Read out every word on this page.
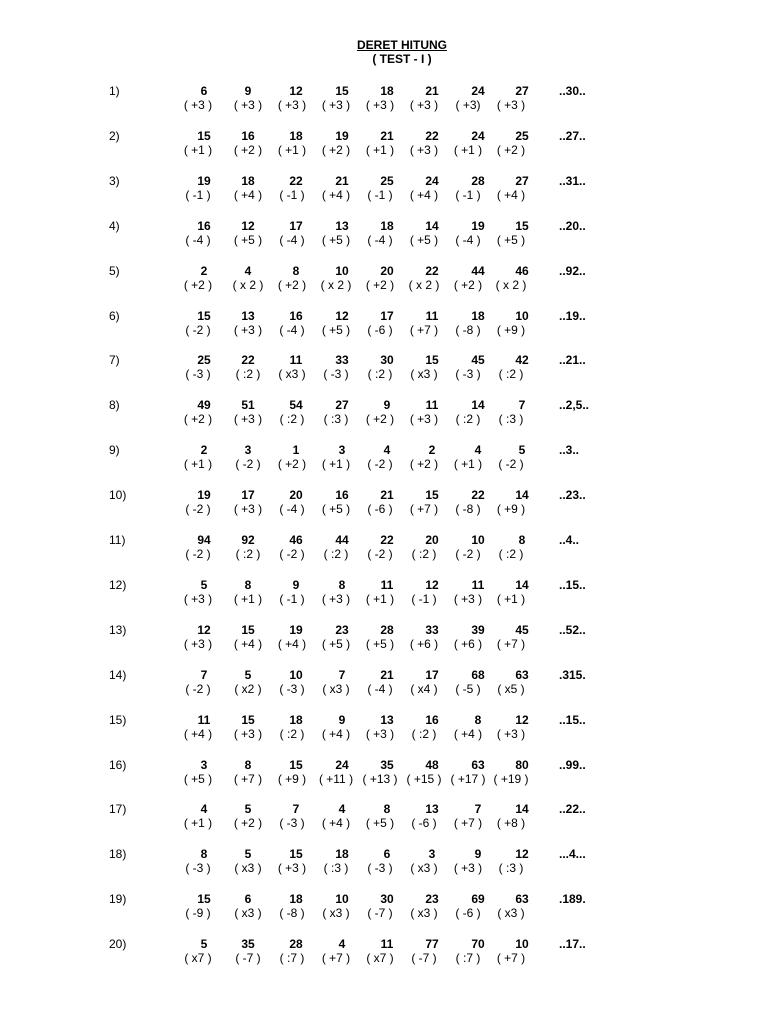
DERET HITUNG
( TEST - I )
1)	6	9	12	15	18	21	24	27
( +3 )	( +3 )	( +3 )	( +3 )	( +3 )	( +3 )	( +3)	( +3 )
..30..
2)	15	16	18	19	21	22	24	25
( +1 )	( +2 )	( +1 )	( +2 )	( +1 )	( +3 )	( +1 )	( +2 )
..27..
3)	19	18	22	21	25	24	28	27
( -1 )	( +4 )	( -1 )	( +4 )	( -1 )	( +4 )	( -1 )	( +4 )
..31..
4)	16	12	17	13	18	14	19	15
( -4 )	( +5 )	( -4 )	( +5 )	( -4 )	( +5 )	( -4 )	( +5 )
..20..
5)	2	4	8	10	20	22	44	46
( +2 )	( x 2 )	( +2 )	( x 2 )	( +2 )	( x 2 )	( +2 )	( x 2 )
..92..
6)	15	13	16	12	17	11	18	10
( -2 )	( +3 )	( -4 )	( +5 )	( -6 )	( +7 )	( -8 )	( +9 )
..19..
7)	25	22	11	33	30	15	45	42
( -3 )	( :2 )	( x3 )	( -3 )	( :2 )	( x3 )	( -3 )	( :2 )
..21..
8)	49	51	54	27	9	11	14	7
( +2 )	( +3 )	( :2 )	( :3 )	( +2 )	( +3 )	( :2 )	( :3 )
..2,5..
9)	2	3	1	3	4	2	4	5
( +1 )	( -2 )	( +2 )	( +1 )	( -2 )	( +2 )	( +1 )	( -2 )
..3..
10)	19	17	20	16	21	15	22	14
( -2 )	( +3 )	( -4 )	( +5 )	( -6 )	( +7 )	( -8 )	( +9 )
..23..
11)	94	92	46	44	22	20	10	8
( -2 )	( :2 )	( -2 )	( :2 )	( -2 )	( :2 )	( -2 )	( :2 )
..4..
12)	5	8	9	8	11	12	11	14
( +3 )	( +1 )	( -1 )	( +3 )	( +1 )	( -1 )	( +3 )	( +1 )
..15..
13)	12	15	19	23	28	33	39	45
( +3 )	( +4 )	( +4 )	( +5 )	( +5 )	( +6 )	( +6 )	( +7 )
..52..
14)	7	5	10	7	21	17	68	63
( -2 )	( x2 )	( -3 )	( x3 )	( -4 )	( x4 )	( -5 )	( x5 )
.315.
15)	11	15	18	9	13	16	8	12
( +4 )	( +3 )	( :2 )	( +4 )	( +3 )	( :2 )	( +4 )	( +3 )
..15..
16)	3	8	15	24	35	48	63	80
( +5 )	( +7 )	( +9 )	( +11 ) ( +13 ) ( +15 ) ( +17 ) ( +19 )
..99..
17)	4	5	7	4	8	13	7	14
( +1 )	( +2 )	( -3 )	( +4 )	( +5 )	( -6 )	( +7 )	( +8 )
..22..
18)	8	5	15	18	6	3	9	12
( -3 )	( x3 )	( +3 )	( :3 )	( -3 )	( x3 )	( +3 )	( :3 )
...4...
19)	15	6	18	10	30	23	69	63
( -9 )	( x3 )	( -8 )	( x3 )	( -7 )	( x3 )	( -6 )	( x3 )
.189.
20)	5	35	28	4	11	77	70	10
( x7 )	( -7 )	( :7 )	( +7 )	( x7 )	( -7 )	( :7 )	( +7 )
..17..
